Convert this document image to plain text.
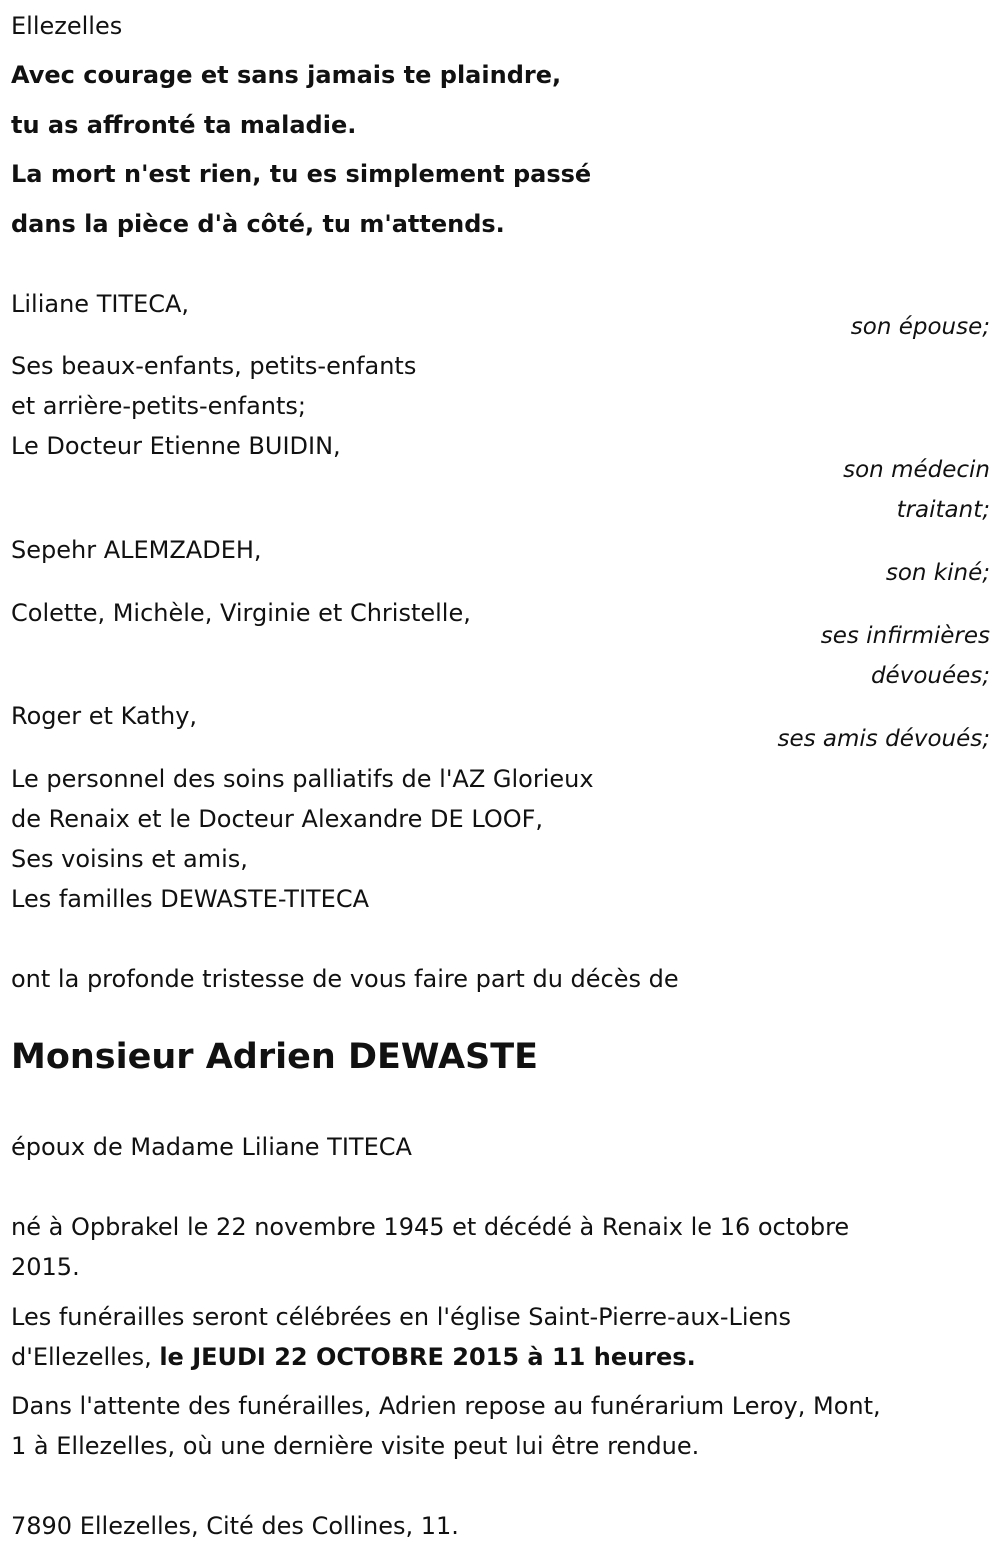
Ellezelles
Avec courage et sans jamais te plaindre,
tu as affronté ta maladie.
La mort n'est rien, tu es simplement passé
dans la pièce d'à côté, tu m'attends.
Liliane TITECA,
son épouse;
Ses beaux-enfants, petits-enfants
et arrière-petits-enfants;
Le Docteur Etienne BUIDIN,
son médecin
traitant;
Sepehr ALEMZADEH,
son kiné;
Colette, Michèle, Virginie et Christelle,
ses infirmières
dévouées;
Roger et Kathy,
ses amis dévoués;
Le personnel des soins palliatifs de l'AZ Glorieux
de Renaix et le Docteur Alexandre DE LOOF,
Ses voisins et amis,
Les familles DEWASTE-TITECA
ont la profonde tristesse de vous faire part du décès de
Monsieur Adrien DEWASTE
époux de Madame Liliane TITECA
né à Opbrakel le 22 novembre 1945 et décédé à Renaix le 16 octobre
2015.
Les funérailles seront célébrées en l'église Saint-Pierre-aux-Liens
d'Ellezelles, le JEUDI 22 OCTOBRE 2015 à 11 heures.
Dans l'attente des funérailles, Adrien repose au funérarium Leroy, Mont,
1 à Ellezelles, où une dernière visite peut lui être rendue.
7890 Ellezelles, Cité des Collines, 11.
